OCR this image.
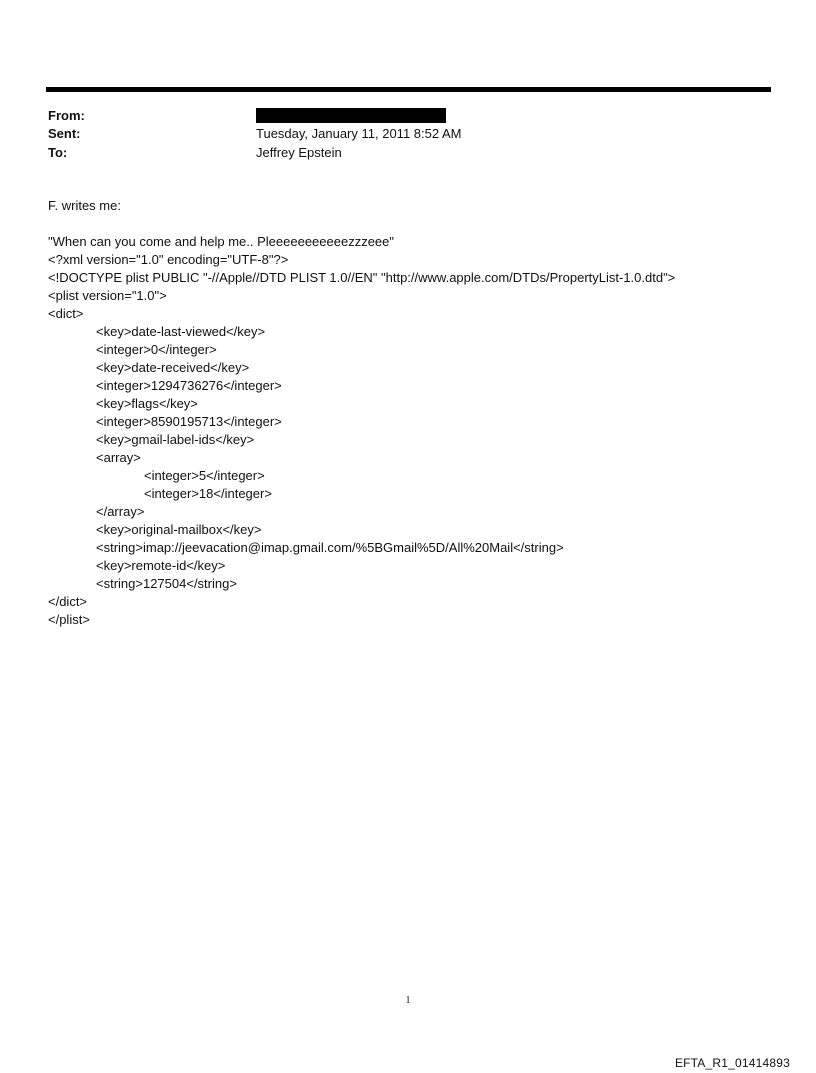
From:
Sent:	Tuesday, January 11, 2011 8:52 AM
To:	Jeffrey Epstein
F. writes me:
"When can you come and help me.. Pleeeeeeeeeeezzzeee"
<?xml version="1.0" encoding="UTF-8"?>
<!DOCTYPE plist PUBLIC "-//Apple//DTD PLIST 1.0//EN" "http://www.apple.com/DTDs/PropertyList-1.0.dtd">
<plist version="1.0">
<dict>
<key>date-last-viewed</key>
<integer>0</integer>
<key>date-received</key>
<integer>1294736276</integer>
<key>flags</key>
<integer>8590195713</integer>
<key>gmail-label-ids</key>
<array>
<integer>5</integer>
<integer>18</integer>
</array>
<key>original-mailbox</key>
<string>imap://jeevacation@imap.gmail.com/%5BGmail%5D/All%20Mail</string>
<key>remote-id</key>
<string>127504</string>
</dict>
</plist>
1
EFTA_R1_01414893
